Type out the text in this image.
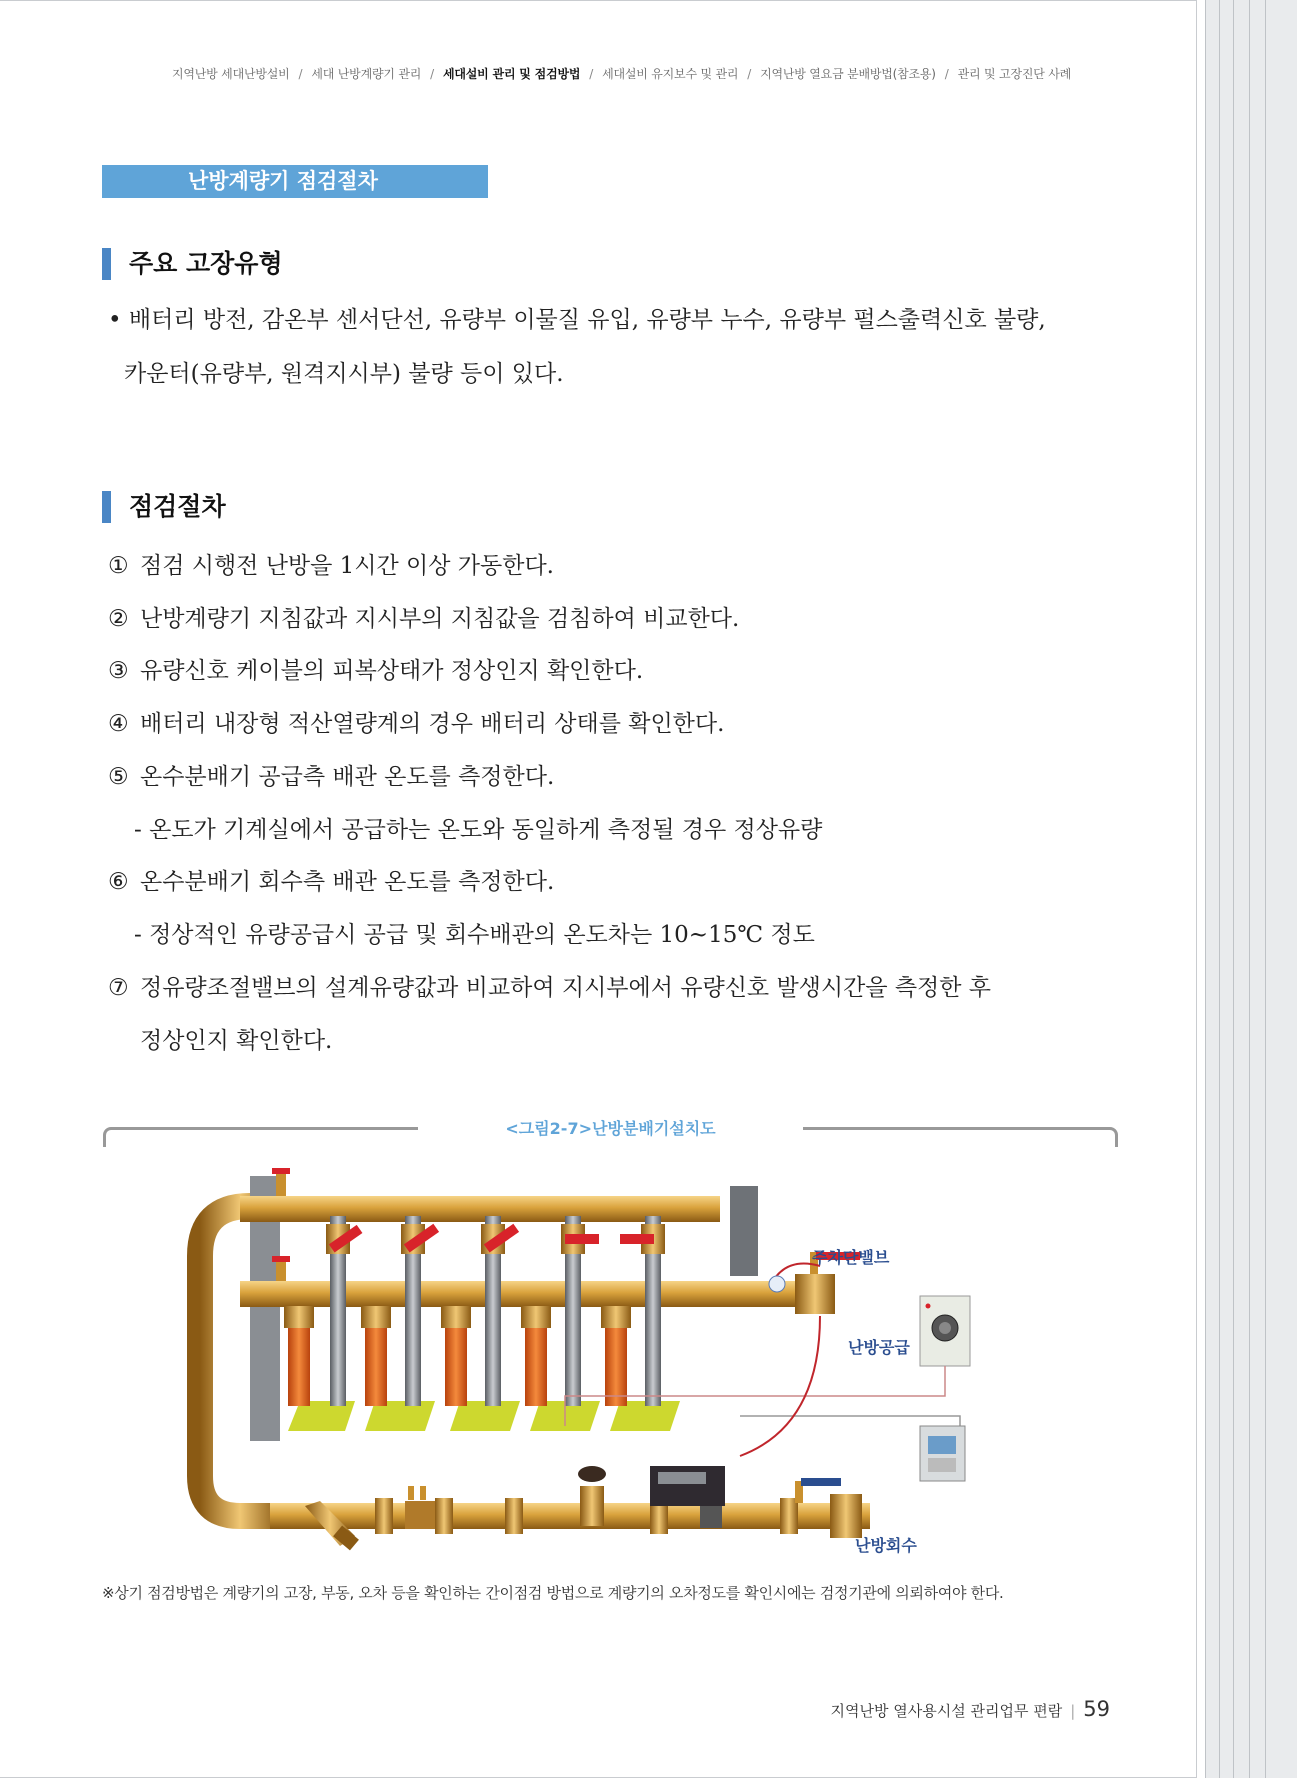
지역난방 세대난방설비 / 세대 난방계량기 관리 / 세대설비 관리 및 점검방법 / 세대설비 유지보수 및 관리 / 지역난방 열요금 분배방법(참조용) / 관리 및 고장진단 사례
난방계량기 점검절차
주요 고장유형
• 배터리 방전, 감온부 센서단선, 유량부 이물질 유입, 유량부 누수, 유량부 펄스출력신호 불량,
카운터(유량부, 원격지시부) 불량 등이 있다.
점검절차
① 점검 시행전 난방을 1시간 이상 가동한다.
② 난방계량기 지침값과 지시부의 지침값을 검침하여 비교한다.
③ 유량신호 케이블의 피복상태가 정상인지 확인한다.
④ 배터리 내장형 적산열량계의 경우 배터리 상태를 확인한다.
⑤ 온수분배기 공급측 배관 온도를 측정한다.
- 온도가 기계실에서 공급하는 온도와 동일하게 측정될 경우 정상유량
⑥ 온수분배기 회수측 배관 온도를 측정한다.
- 정상적인 유량공급시 공급 및 회수배관의 온도차는 10~15℃ 정도
⑦ 정유량조절밸브의 설계유량값과 비교하여 지시부에서 유량신호 발생시간을 측정한 후
정상인지 확인한다.
<그림2-7>난방분배기설치도
주차단밸브
난방공급
난방회수
※상기 점검방법은 계량기의 고장, 부동, 오차 등을 확인하는 간이점검 방법으로 계량기의 오차정도를 확인시에는 검정기관에 의뢰하여야 한다.
지역난방 열사용시설 관리업무 편람 | 59
